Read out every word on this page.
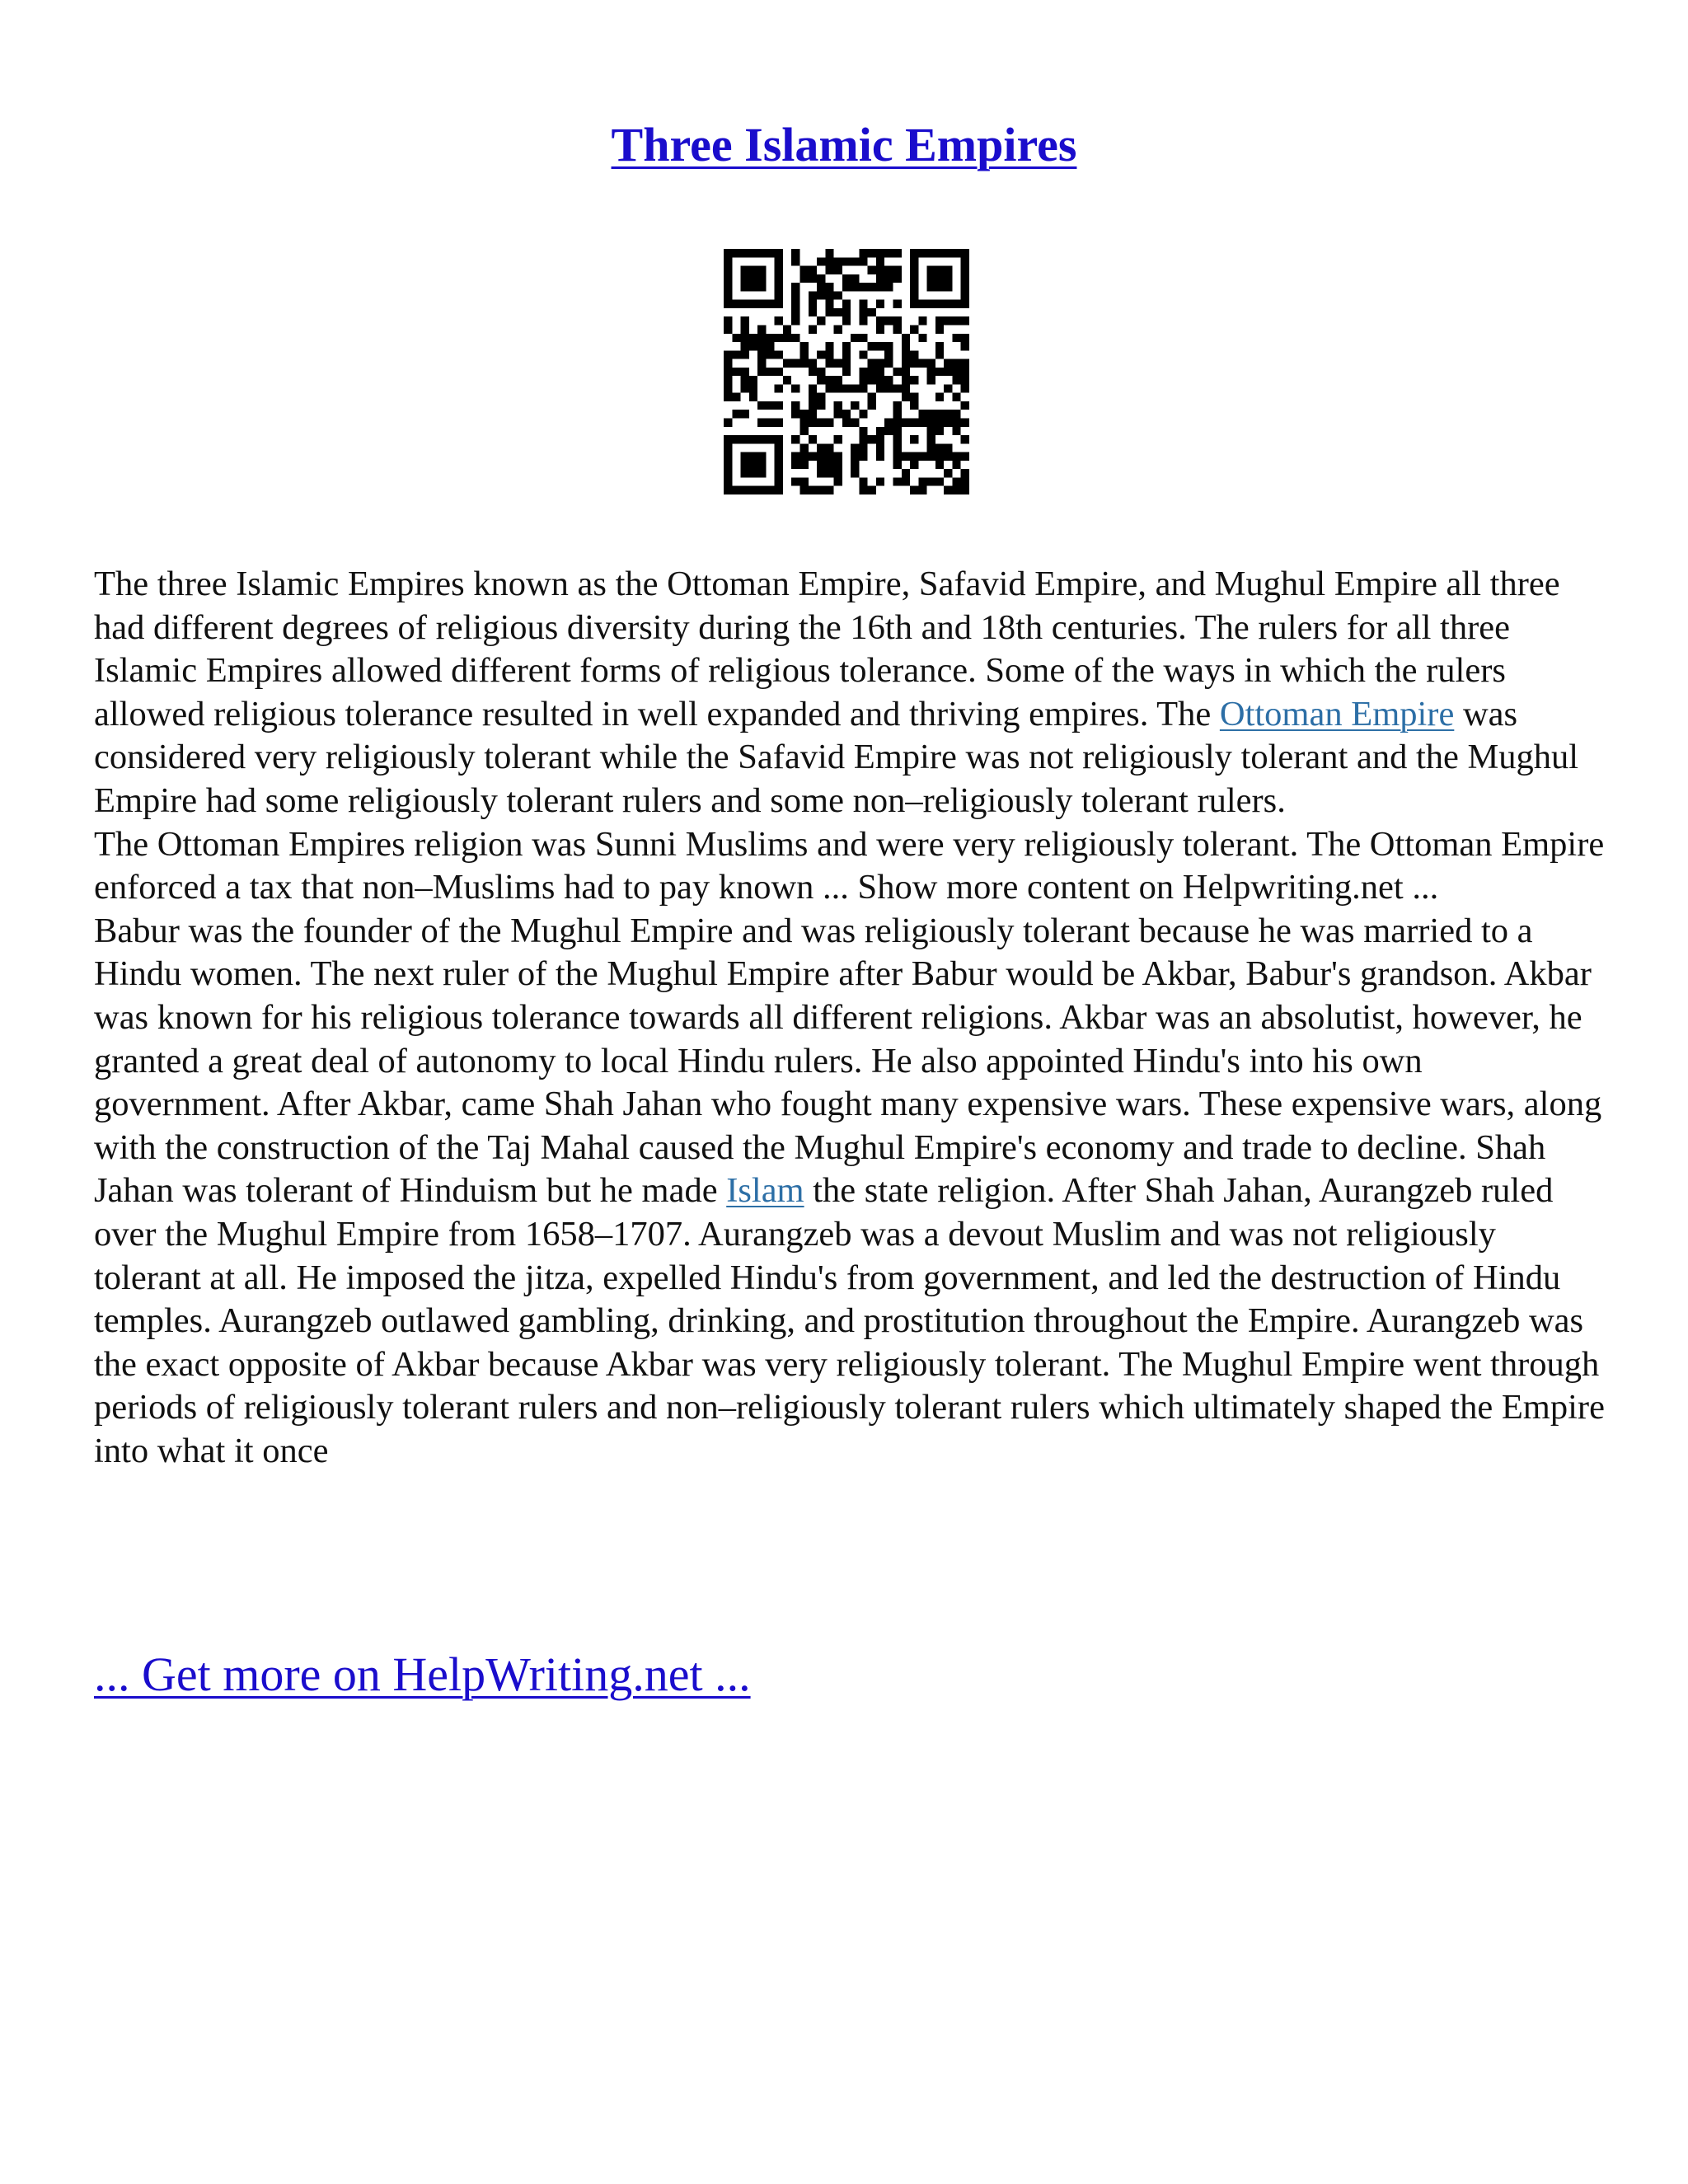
Three Islamic Empires

The three Islamic Empires known as the Ottoman Empire, Safavid Empire, and Mughul Empire all three had different degrees of religious diversity during the 16th and 18th centuries. The rulers for all three Islamic Empires allowed different forms of religious tolerance. Some of the ways in which the rulers allowed religious tolerance resulted in well expanded and thriving empires. The Ottoman Empire was considered very religiously tolerant while the Safavid Empire was not religiously tolerant and the Mughul Empire had some religiously tolerant rulers and some non–religiously tolerant rulers.

The Ottoman Empires religion was Sunni Muslims and were very religiously tolerant. The Ottoman Empire enforced a tax that non–Muslims had to pay known ... Show more content on Helpwriting.net ...

Babur was the founder of the Mughul Empire and was religiously tolerant because he was married to a Hindu women. The next ruler of the Mughul Empire after Babur would be Akbar, Babur's grandson. Akbar was known for his religious tolerance towards all different religions. Akbar was an absolutist, however, he granted a great deal of autonomy to local Hindu rulers. He also appointed Hindu's into his own government. After Akbar, came Shah Jahan who fought many expensive wars. These expensive wars, along with the construction of the Taj Mahal caused the Mughul Empire's economy and trade to decline. Shah Jahan was tolerant of Hinduism but he made Islam the state religion. After Shah Jahan, Aurangzeb ruled over the Mughul Empire from 1658–1707. Aurangzeb was a devout Muslim and was not religiously tolerant at all. He imposed the jitza, expelled Hindu's from government, and led the destruction of Hindu temples. Aurangzeb outlawed gambling, drinking, and prostitution throughout the Empire. Aurangzeb was the exact opposite of Akbar because Akbar was very religiously tolerant. The Mughul Empire went through periods of religiously tolerant rulers and non–religiously tolerant rulers which ultimately shaped the Empire into what it once

... Get more on HelpWriting.net ...
